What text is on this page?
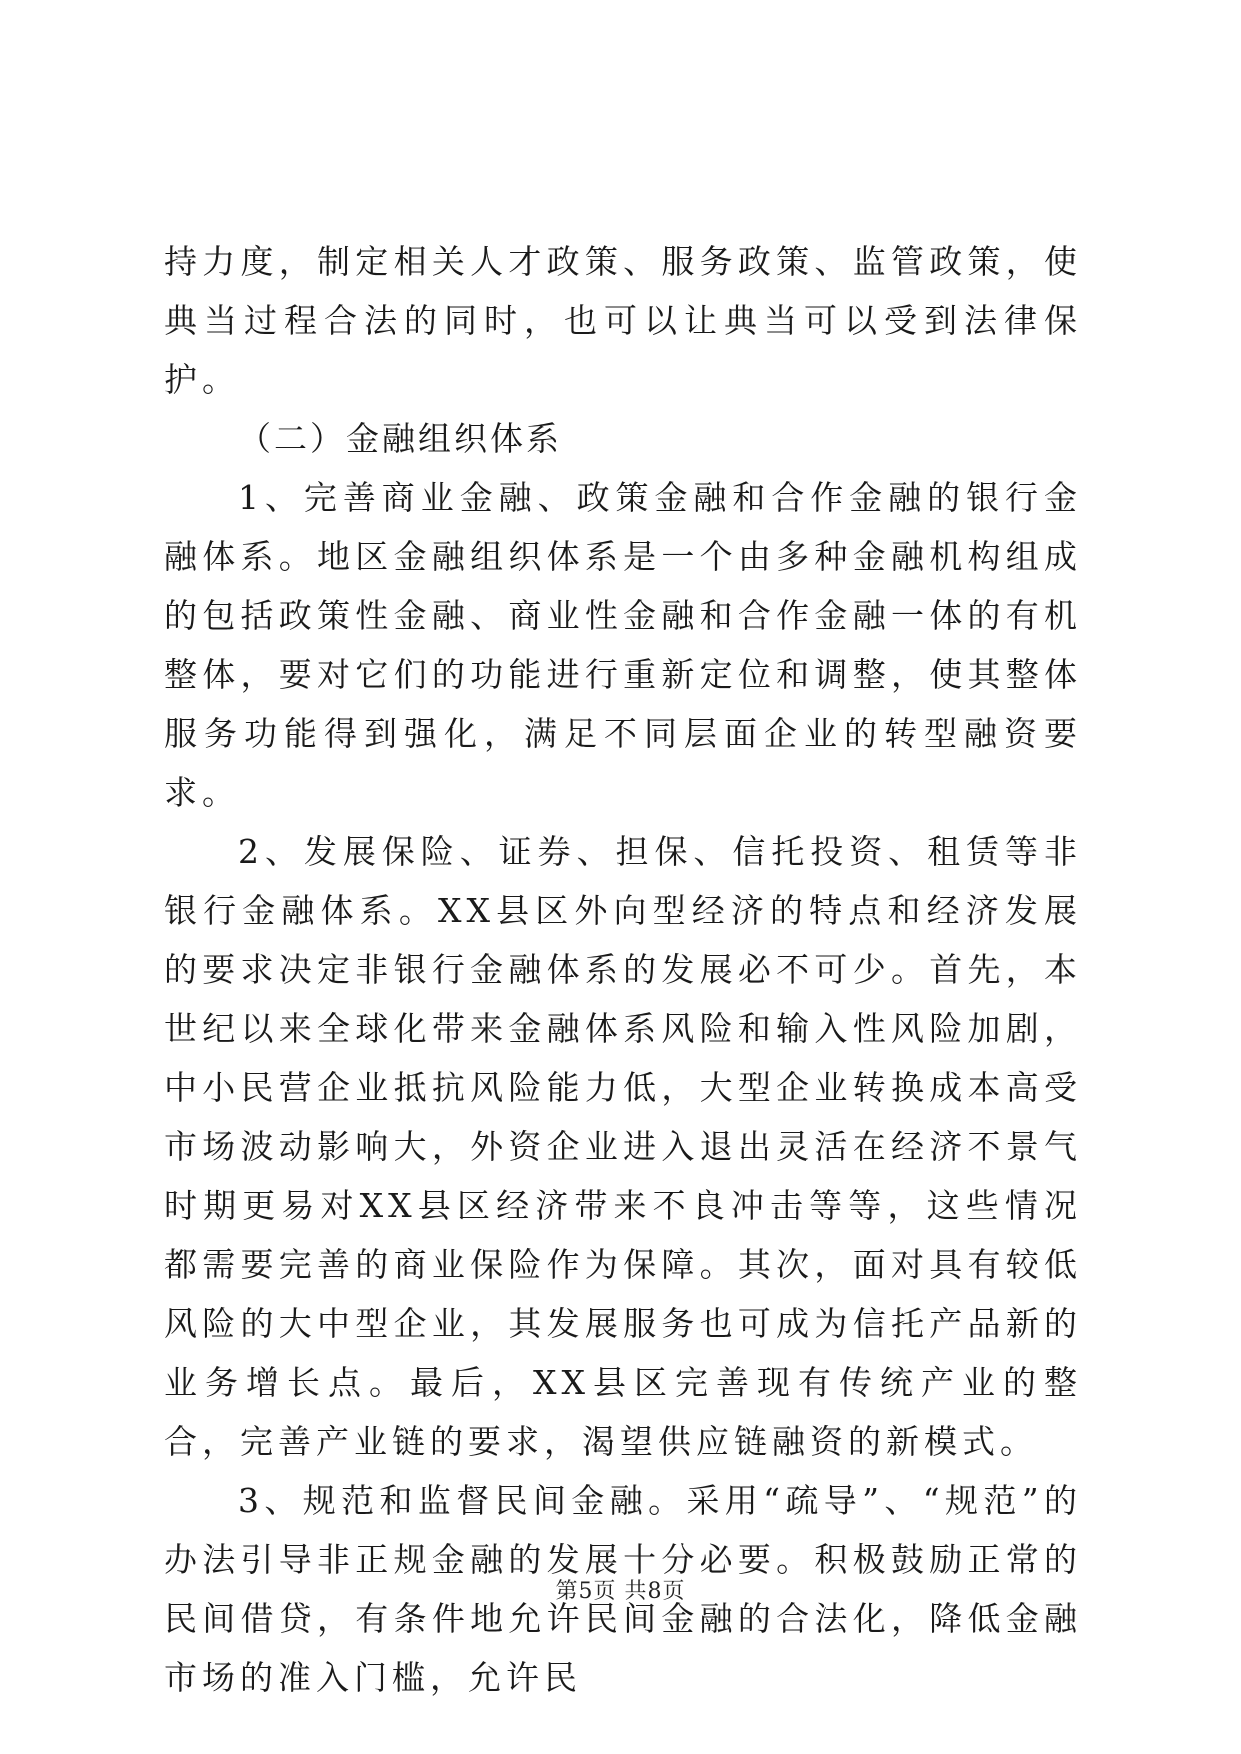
持力度，制定相关人才政策、服务政策、监管政策，使典当过程合法的同时，也可以让典当可以受到法律保护。

（二）金融组织体系

1、完善商业金融、政策金融和合作金融的银行金融体系。地区金融组织体系是一个由多种金融机构组成的包括政策性金融、商业性金融和合作金融一体的有机整体，要对它们的功能进行重新定位和调整，使其整体服务功能得到强化，满足不同层面企业的转型融资要求。

2、发展保险、证券、担保、信托投资、租赁等非银行金融体系。XX县区外向型经济的特点和经济发展的要求决定非银行金融体系的发展必不可少。首先，本世纪以来全球化带来金融体系风险和输入性风险加剧，中小民营企业抵抗风险能力低，大型企业转换成本高受市场波动影响大，外资企业进入退出灵活在经济不景气时期更易对XX县区经济带来不良冲击等等，这些情况都需要完善的商业保险作为保障。其次，面对具有较低风险的大中型企业，其发展服务也可成为信托产品新的业务增长点。最后，XX县区完善现有传统产业的整合，完善产业链的要求，渴望供应链融资的新模式。

3、规范和监督民间金融。采用“疏导”、“规范”的办法引导非正规金融的发展十分必要。积极鼓励正常的民间借贷，有条件地允许民间金融的合法化，降低金融市场的准入门槛，允许民

第5页 共8页
